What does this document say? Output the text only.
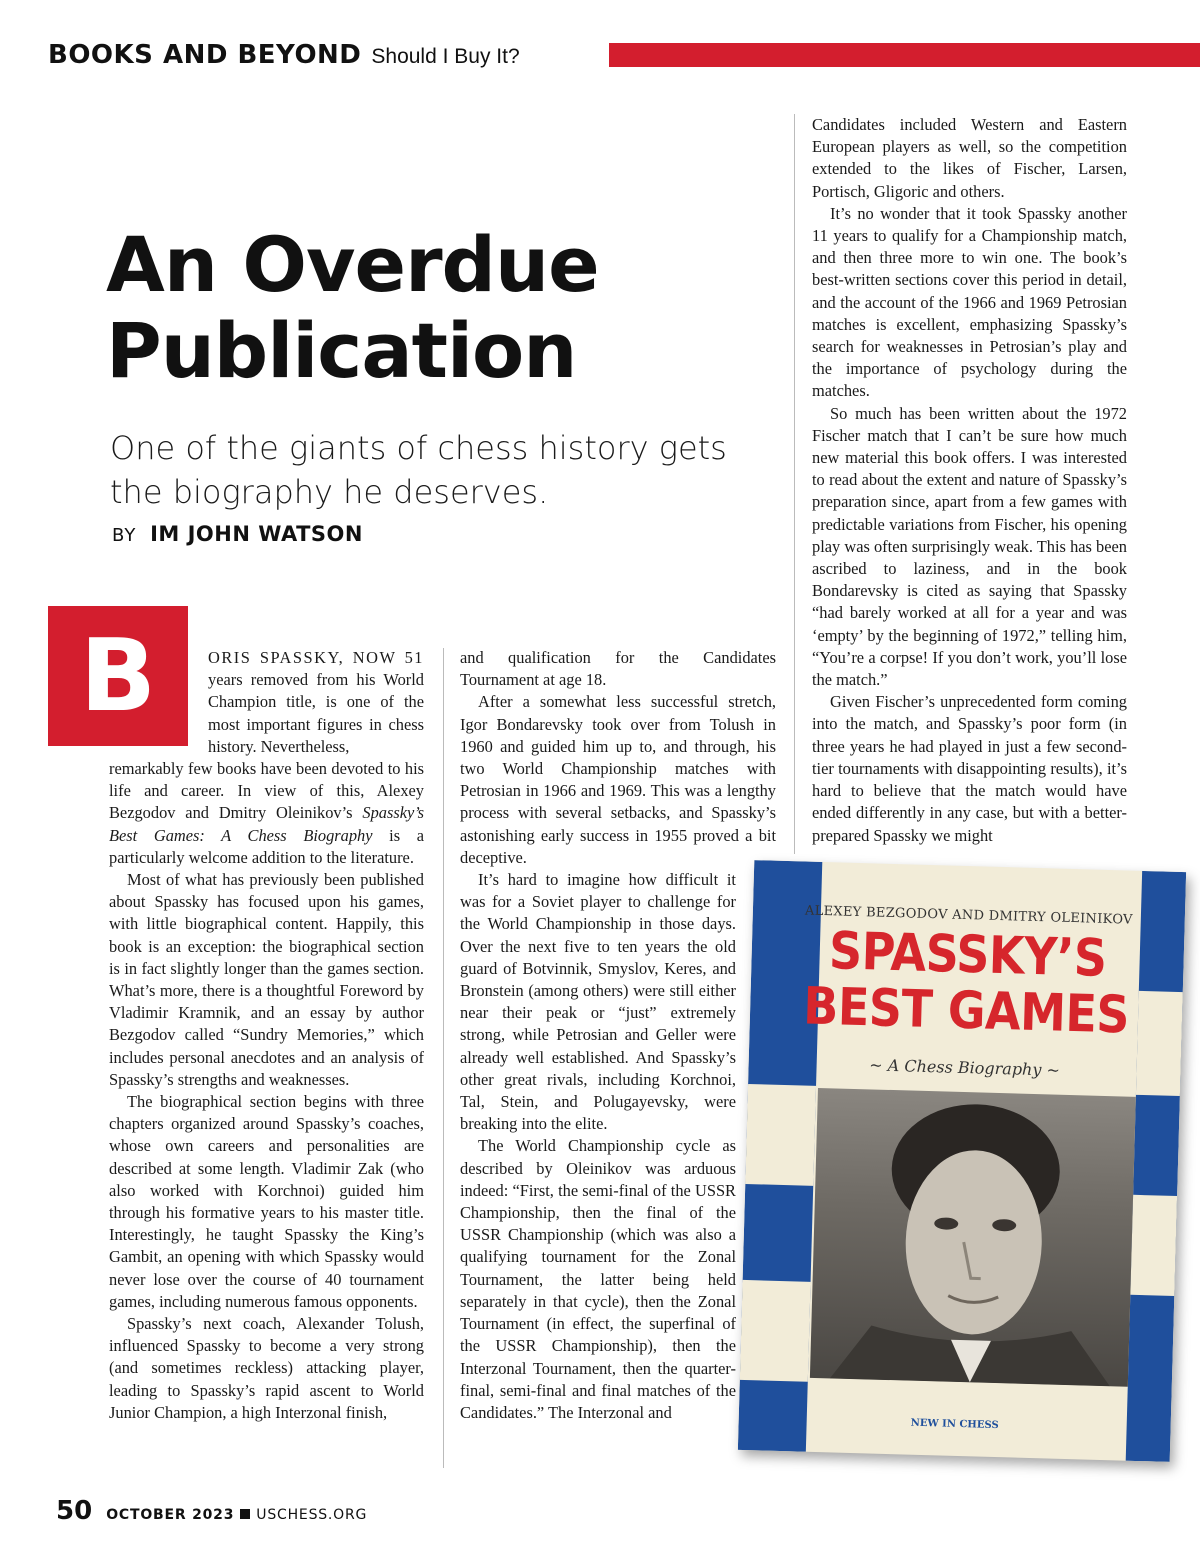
BOOKS AND BEYOND Should I Buy It?
An Overdue
Publication

One of the giants of chess history gets the biography he deserves.

BY IM JOHN WATSON
B	ORIS SPASSKY, NOW 51 years removed from his World Champion title, is one of the most important figures in chess history. Nevertheless,

remarkably few books have been devoted to his life and career. In view of this, Alexey Bezgodov and Dmitry Oleinikov’s Spassky’s Best Games: A Chess Biography is a particularly welcome addition to the literature.

Most of what has previously been published about Spassky has focused upon his games, with little biographical content. Happily, this book is an exception: the biographical section is in fact slightly longer than the games section. What’s more, there is a thoughtful Foreword by Vladimir Kramnik, and an essay by author Bezgodov called “Sundry Memories,” which includes personal anecdotes and an analysis of Spassky’s strengths and weaknesses.

The biographical section begins with three chapters organized around Spassky’s coaches, whose own careers and personalities are described at some length. Vladimir Zak (who also worked with Korchnoi) guided him through his formative years to his master title. Interestingly, he taught Spassky the King’s Gambit, an opening with which Spassky would never lose over the course of 40 tournament games, including numerous famous opponents.

Spassky’s next coach, Alexander Tolush, influenced Spassky to become a very strong (and sometimes reckless) attacking player, leading to Spassky’s rapid ascent to World Junior Champion, a high Interzonal finish,

and qualification for the Candidates Tournament at age 18.

After a somewhat less successful stretch, Igor Bondarevsky took over from Tolush in 1960 and guided him up to, and through, his two World Championship matches with Petrosian in 1966 and 1969. This was a lengthy process with several setbacks, and Spassky’s astonishing early success in 1955 proved a bit deceptive.

It’s hard to imagine how difficult it was for a Soviet player to challenge for the World Championship in those days. Over the next five to ten years the old guard of Botvinnik, Smyslov, Keres, and Bronstein (among others) were still either near their peak or “just” extremely strong, while Petrosian and Geller were already well established. And Spassky’s other great rivals, including Korchnoi, Tal, Stein, and Polugayevsky, were breaking into the elite.

The World Championship cycle as described by Oleinikov was arduous indeed: “First, the semi-final of the USSR Championship, then the final of the USSR Championship (which was also a qualifying tournament for the Zonal Tournament, the latter being held separately in that cycle), then the Zonal Tournament (in effect, the superfinal of the USSR Championship), then the Interzonal Tournament, then the quarter-final, semi-final and final matches of the Candidates.” The Interzonal and

Candidates included Western and Eastern European players as well, so the competition extended to the likes of Fischer, Larsen, Portisch, Gligoric and others.

It’s no wonder that it took Spassky another 11 years to qualify for a Championship match, and then three more to win one. The book’s best-written sections cover this period in detail, and the account of the 1966 and 1969 Petrosian matches is excellent, emphasizing Spassky’s search for weaknesses in Petrosian’s play and the importance of psychology during the matches.

So much has been written about the 1972 Fischer match that I can’t be sure how much new material this book offers. I was interested to read about the extent and nature of Spassky’s preparation since, apart from a few games with predictable variations from Fischer, his opening play was often surprisingly weak. This has been ascribed to laziness, and in the book Bondarevsky is cited as saying that Spassky “had barely worked at all for a year and was ‘empty’ by the beginning of 1972,” telling him, “You’re a corpse! If you don’t work, you’ll lose the match.”

Given Fischer’s unprecedented form coming into the match, and Spassky’s poor form (in three years he had played in just a few second-tier tournaments with disappointing results), it’s hard to believe that the match would have ended differently in any case, but with a better-prepared Spassky we might

ALEXEY BEZGODOV AND DMITRY OLEINIKOV
SPASSKY’S
BEST GAMES
~ A Chess Biography ~
NEW IN CHESS
50 OCTOBER 2023 USCHESS.ORG
